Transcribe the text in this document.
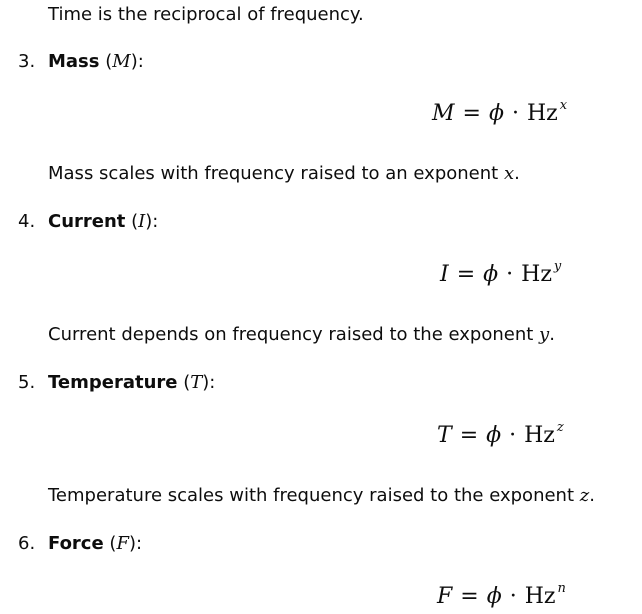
Time is the reciprocal of frequency.
3. Mass (M):
M = ϕ · Hz $^x$
Mass scales with frequency raised to an exponent x.
4. Current (I):
I = ϕ · Hz $^y$
Current depends on frequency raised to the exponent y.
5. Temperature (T):
T = ϕ · Hz $^z$
Temperature scales with frequency raised to the exponent z.
6. Force (F):
F = ϕ · Hz $^n$
